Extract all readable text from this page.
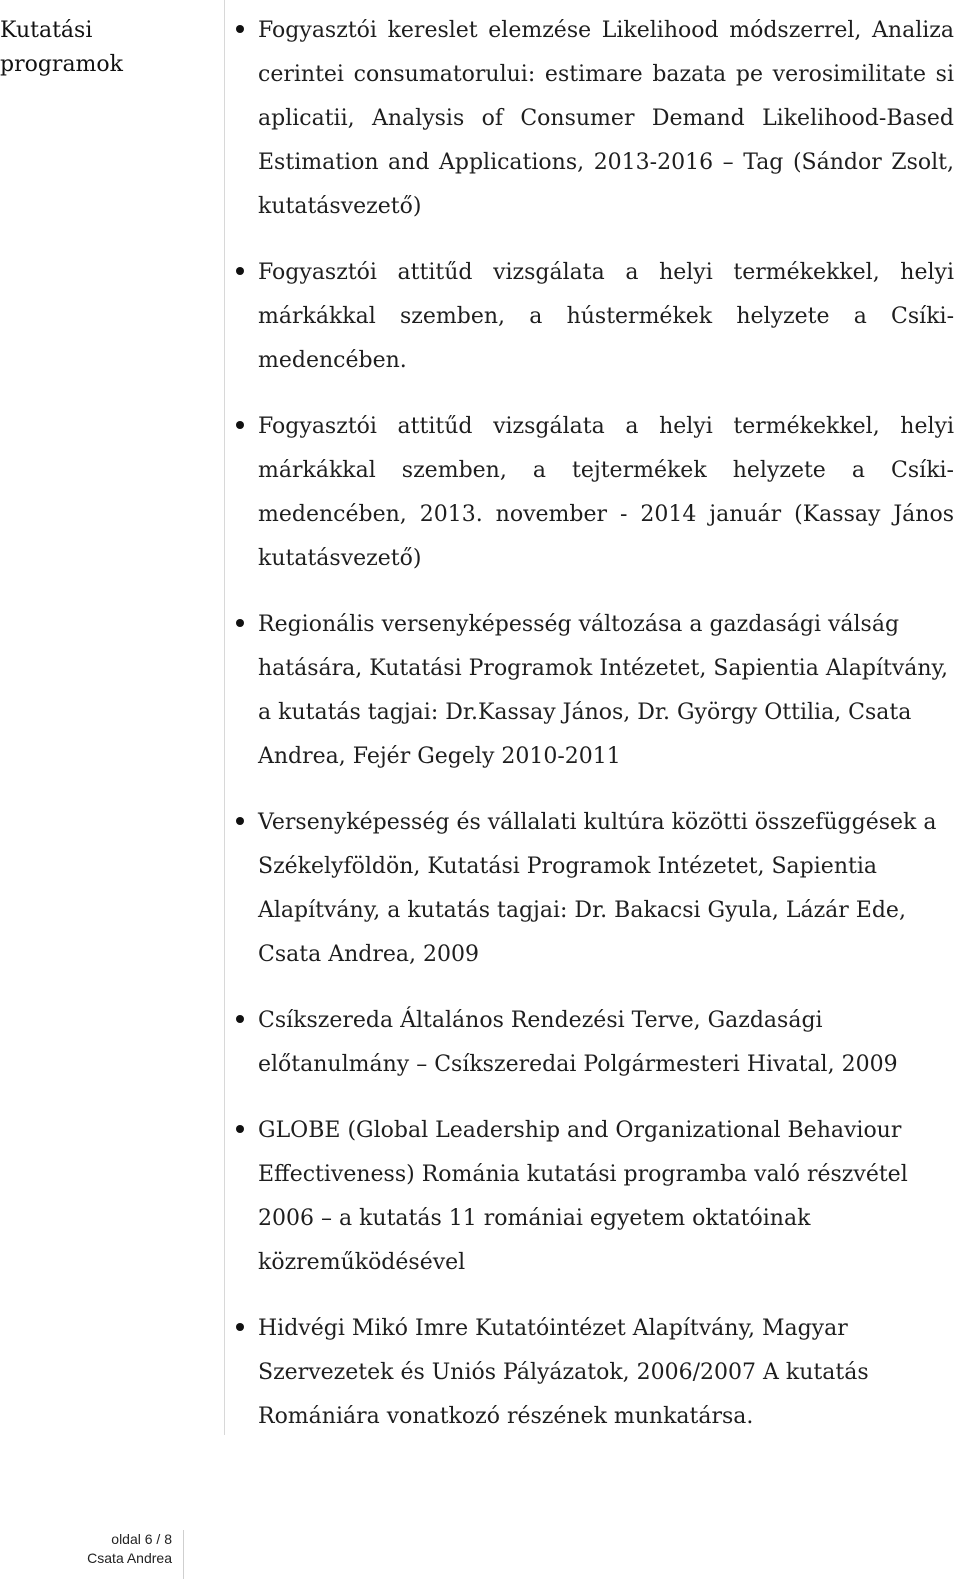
Kutatási programok
Fogyasztói kereslet elemzése Likelihood módszerrel, Analiza cerintei consumatorului: estimare bazata pe verosimilitate si aplicatii, Analysis of Consumer Demand Likelihood-Based Estimation and Applications, 2013-2016 – Tag (Sándor Zsolt, kutatásvezető)
Fogyasztói attitűd vizsgálata a helyi termékekkel, helyi márkákkal szemben, a hústermékek helyzete a Csíki-medencében.
Fogyasztói attitűd vizsgálata a helyi termékekkel, helyi márkákkal szemben, a tejtermékek helyzete a Csíki-medencében, 2013. november - 2014 január (Kassay János kutatásvezető)
Regionális versenyképesség változása a gazdasági válság hatására, Kutatási Programok Intézetet, Sapientia Alapítvány, a kutatás tagjai: Dr.Kassay János, Dr. György Ottilia, Csata Andrea, Fejér Gegely 2010-2011
Versenyképesség és vállalati kultúra közötti összefüggések a Székelyföldön, Kutatási Programok Intézetet, Sapientia Alapítvány, a kutatás tagjai: Dr. Bakacsi Gyula, Lázár Ede, Csata Andrea, 2009
Csíkszereda Általános Rendezési Terve, Gazdasági előtanulmány – Csíkszeredai Polgármesteri Hivatal, 2009
GLOBE (Global Leadership and Organizational Behaviour Effectiveness) Románia kutatási programba való részvétel 2006 – a kutatás 11 romániai egyetem oktatóinak közreműködésével
Hidvégi Mikó Imre Kutatóintézet Alapítvány, Magyar Szervezetek és Uniós Pályázatok, 2006/2007 A kutatás Romániára vonatkozó részének munkatársa.
oldal 6 / 8
Csata Andrea
